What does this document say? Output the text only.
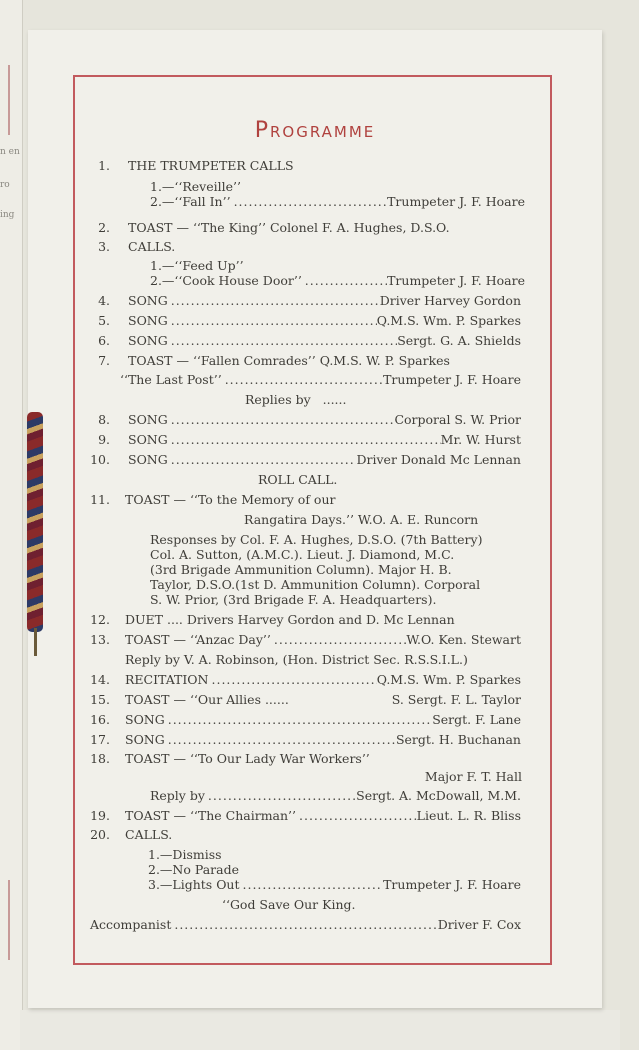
n en
ro
ing
Programme
1. THE TRUMPETER CALLS
1.—‘‘Reveille’’
2.—‘‘Fall In’’ .....	Trumpeter J. F. Hoare
2. TOAST — ‘‘The King’’ Colonel F. A. Hughes, D.S.O.
3. CALLS.
1.—‘‘Feed Up’’
2.—‘‘Cook House Door’’ .....	Trumpeter J. F. Hoare
4. SONG .....	Driver Harvey Gordon
5. SONG .....	Q.M.S. Wm. P. Sparkes
6. SONG .....	Sergt. G. A. Shields
7. TOAST — ‘‘Fallen Comrades’’ Q.M.S. W. P. Sparkes
‘‘The Last Post’’ .....	Trumpeter J. F. Hoare
Replies by ......
8. SONG .....	Corporal S. W. Prior
9. SONG .....	Mr. W. Hurst
10. SONG .....	Driver Donald Mc Lennan
ROLL CALL.
11. TOAST — ‘‘To the Memory of our
Rangatira Days.’’ W.O. A. E. Runcorn
Responses by Col. F. A. Hughes, D.S.O. (7th Battery)
Col. A. Sutton, (A.M.C.). Lieut. J. Diamond, M.C.
(3rd Brigade Ammunition Column). Major H. B.
Taylor, D.S.O.(1st D. Ammunition Column). Corporal
S. W. Prior, (3rd Brigade F. A. Headquarters).
12. DUET .... Drivers Harvey Gordon and D. Mc Lennan
13. TOAST — ‘‘Anzac Day’’ .....	W.O. Ken. Stewart
Reply by V. A. Robinson, (Hon. District Sec. R.S.S.I.L.)
14. RECITATION .....	Q.M.S. Wm. P. Sparkes
15. TOAST — ‘‘Our Allies ......	S. Sergt. F. L. Taylor
16. SONG .....	Sergt. F. Lane
17. SONG .....	Sergt. H. Buchanan
18. TOAST — ‘‘To Our Lady War Workers’’
Major F. T. Hall
Reply by .....	Sergt. A. McDowall, M.M.
19. TOAST — ‘‘The Chairman’’ .....	Lieut. L. R. Bliss
20. CALLS.
1.—Dismiss
2.—No Parade
3.—Lights Out .....	Trumpeter J. F. Hoare
‘‘God Save Our King.
Accompanist .....	Driver F. Cox
